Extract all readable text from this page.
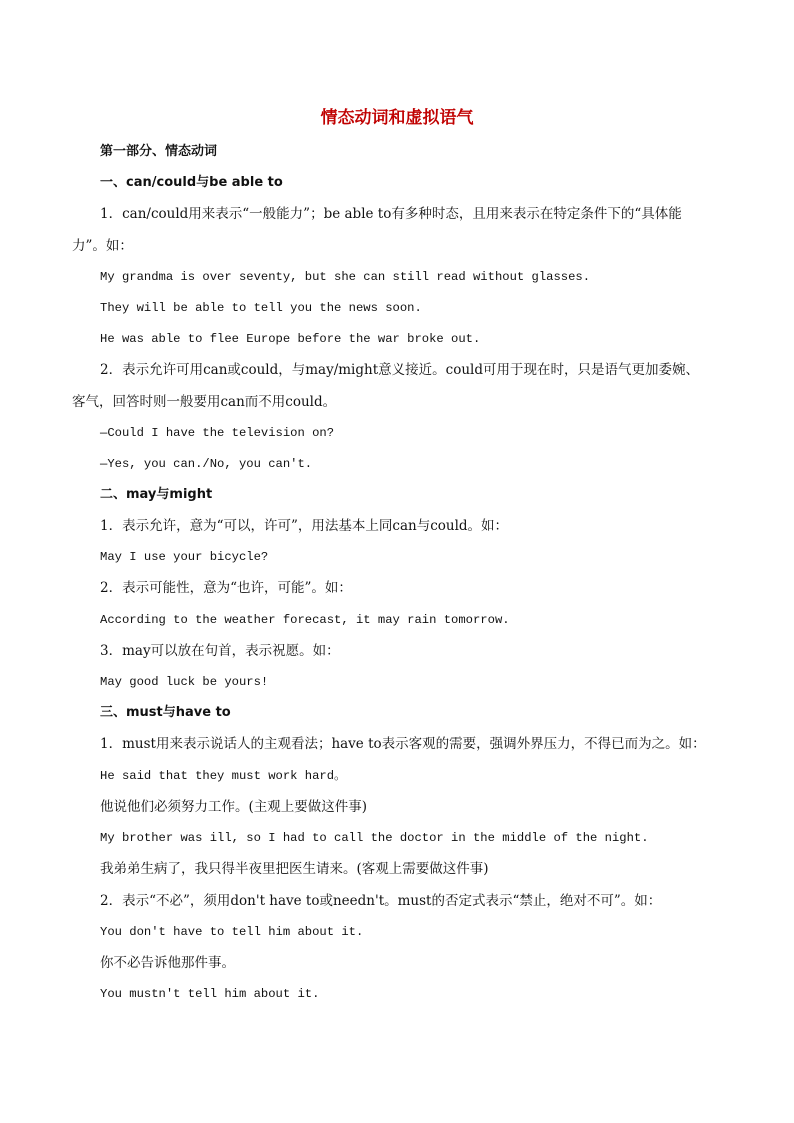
情态动词和虚拟语气
第一部分、情态动词
一、can/could与be able to
1．can/could用来表示“一般能力”；be able to有多种时态，且用来表示在特定条件下的“具体能
力”。如：
My grandma is over seventy, but she can still read without glasses.
They will be able to tell you the news soon.
He was able to flee Europe before the war broke out.
2．表示允许可用can或could，与may/might意义接近。could可用于现在时，只是语气更加委婉、
客气，回答时则一般要用can而不用could。
—Could I have the television on?
—Yes, you can./No, you can't.
二、may与might
1．表示允许，意为“可以，许可”，用法基本上同can与could。如：
May I use your bicycle?
2．表示可能性，意为“也许，可能”。如：
According to the weather forecast, it may rain tomorrow.
3．may可以放在句首，表示祝愿。如：
May good luck be yours!
三、must与have to
1．must用来表示说话人的主观看法；have to表示客观的需要，强调外界压力，不得已而为之。如：
He said that they must work hard。
他说他们必须努力工作。(主观上要做这件事)
My brother was ill, so I had to call the doctor in the middle of the night.
我弟弟生病了，我只得半夜里把医生请来。(客观上需要做这件事)
2．表示“不必”，须用don't have to或needn't。must的否定式表示“禁止，绝对不可”。如：
You don't have to tell him about it.
你不必告诉他那件事。
You mustn't tell him about it.
